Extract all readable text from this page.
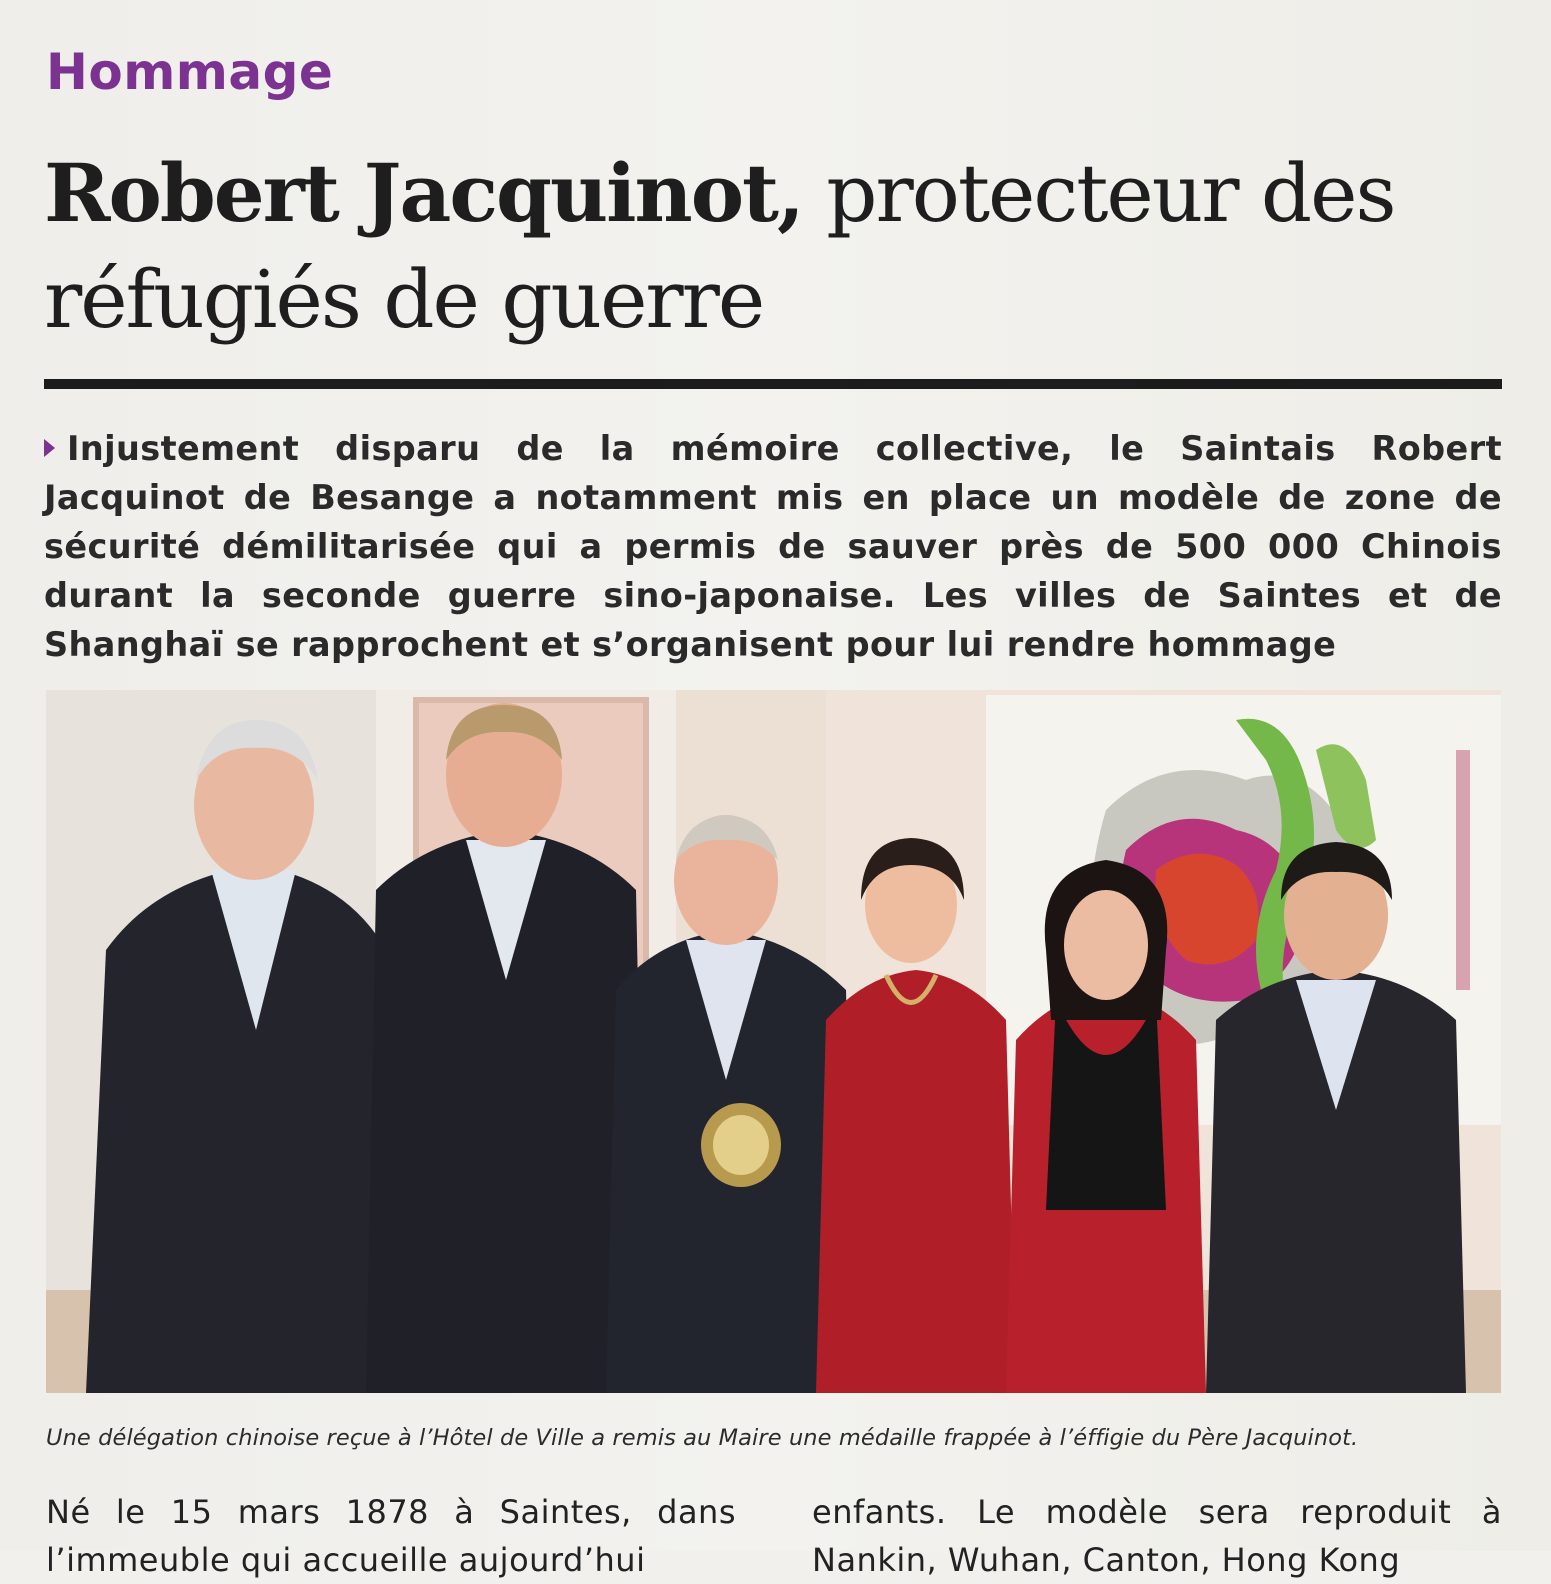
Hommage
Robert Jacquinot, protecteur des réfugiés de guerre
Injustement disparu de la mémoire collective, le Saintais Robert Jacquinot de Besange a notamment mis en place un modèle de zone de sécurité démilitarisée qui a permis de sauver près de 500 000 Chinois durant la seconde guerre sino-japonaise. Les villes de Saintes et de Shanghaï se rapprochent et s’organisent pour lui rendre hommage
Une délégation chinoise reçue à l’Hôtel de Ville a remis au Maire une médaille frappée à l’éffigie du Père Jacquinot.

Né le 15 mars 1878 à Saintes, dans l’immeuble qui accueille aujourd’hui

enfants. Le modèle sera reproduit à Nankin, Wuhan, Canton, Hong Kong
